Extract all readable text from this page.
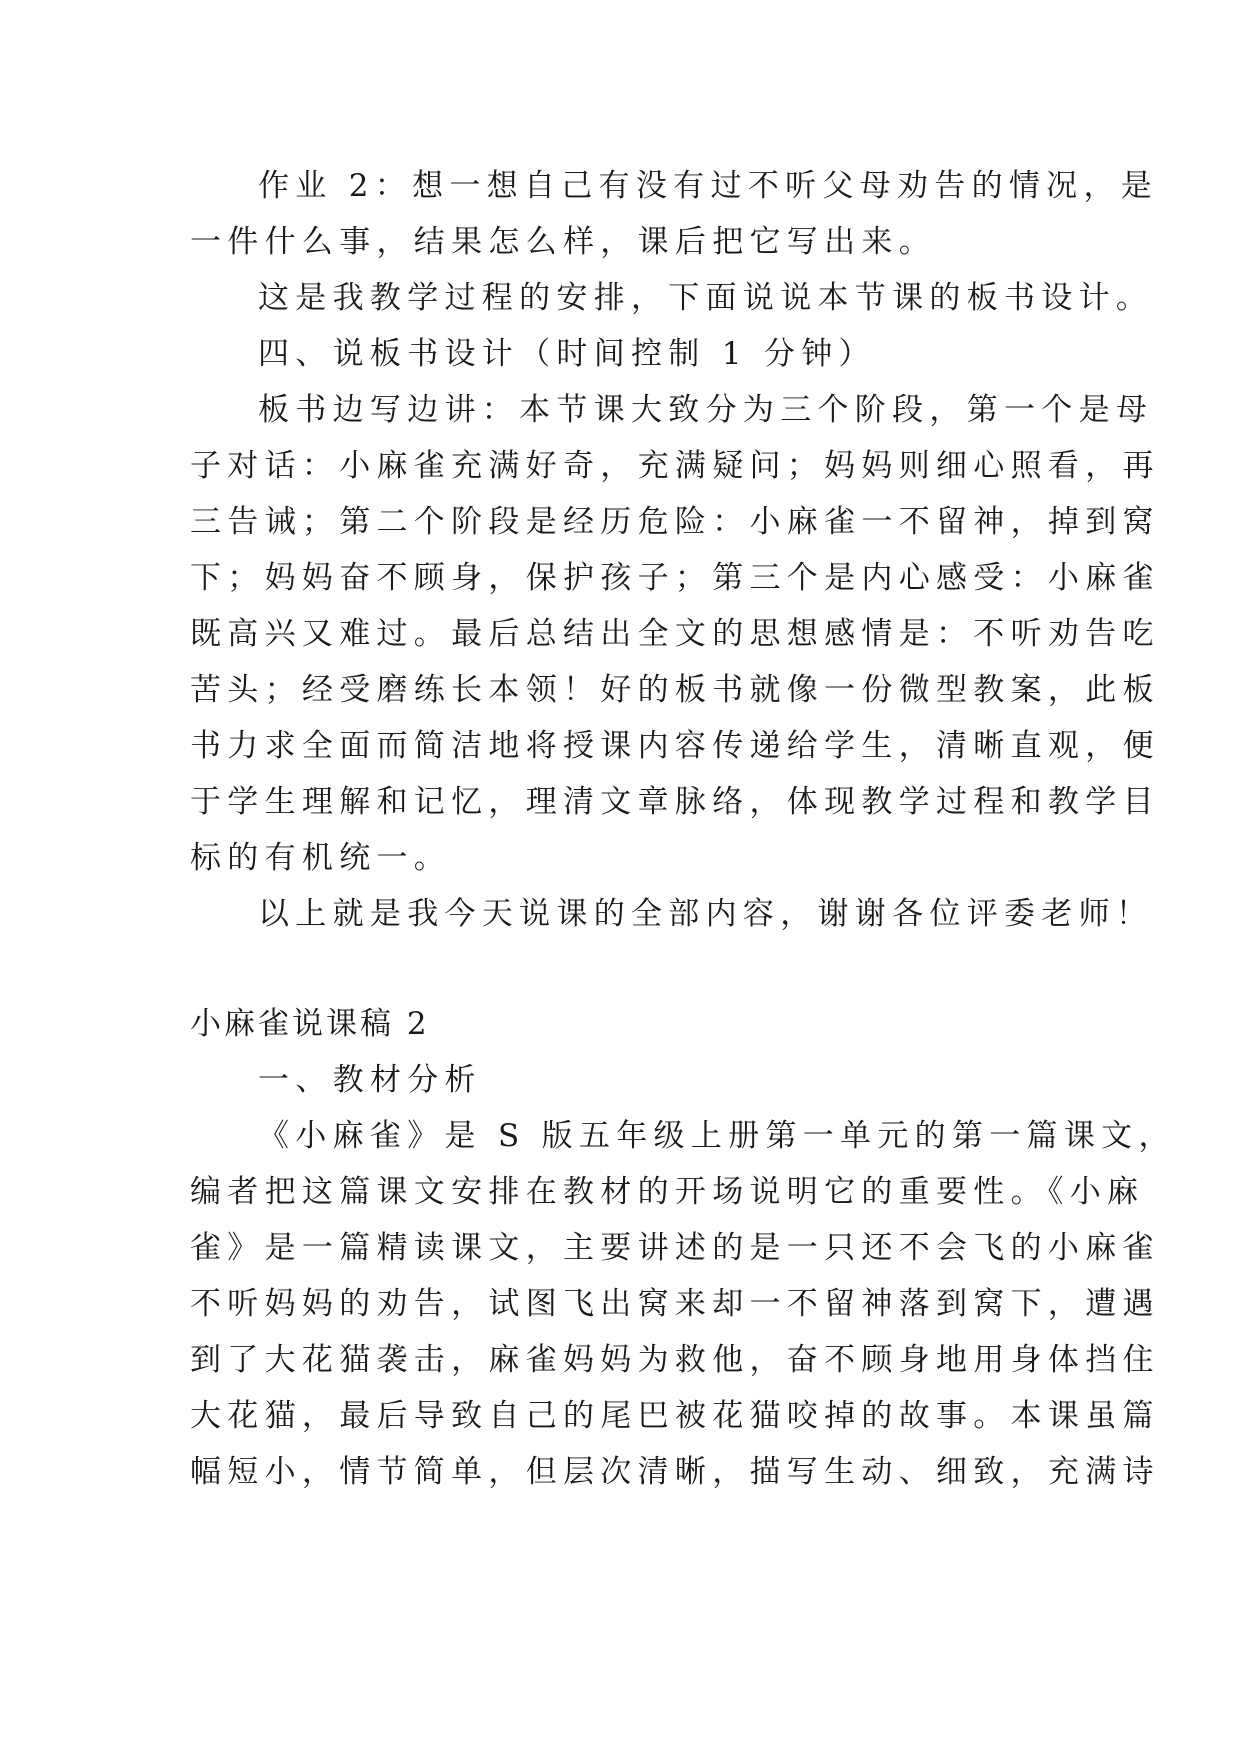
作业 2：想一想自己有没有过不听父母劝告的情况，是

一件什么事，结果怎么样，课后把它写出来。

这是我教学过程的安排，下面说说本节课的板书设计。

四、说板书设计（时间控制 1 分钟）

板书边写边讲：本节课大致分为三个阶段，第一个是母

子对话：小麻雀充满好奇，充满疑问；妈妈则细心照看，再

三告诫；第二个阶段是经历危险：小麻雀一不留神，掉到窝

下；妈妈奋不顾身，保护孩子；第三个是内心感受：小麻雀

既高兴又难过。最后总结出全文的思想感情是：不听劝告吃

苦头；经受磨练长本领！好的板书就像一份微型教案，此板

书力求全面而简洁地将授课内容传递给学生，清晰直观，便

于学生理解和记忆，理清文章脉络，体现教学过程和教学目

标的有机统一。

以上就是我今天说课的全部内容，谢谢各位评委老师！

小麻雀说课稿 2

一、教材分析

《小麻雀》是 S 版五年级上册第一单元的第一篇课文，

编者把这篇课文安排在教材的开场说明它的重要性。《小麻

雀》是一篇精读课文，主要讲述的是一只还不会飞的小麻雀

不听妈妈的劝告，试图飞出窝来却一不留神落到窝下，遭遇

到了大花猫袭击，麻雀妈妈为救他，奋不顾身地用身体挡住

大花猫，最后导致自己的尾巴被花猫咬掉的故事。本课虽篇

幅短小，情节简单，但层次清晰，描写生动、细致，充满诗
